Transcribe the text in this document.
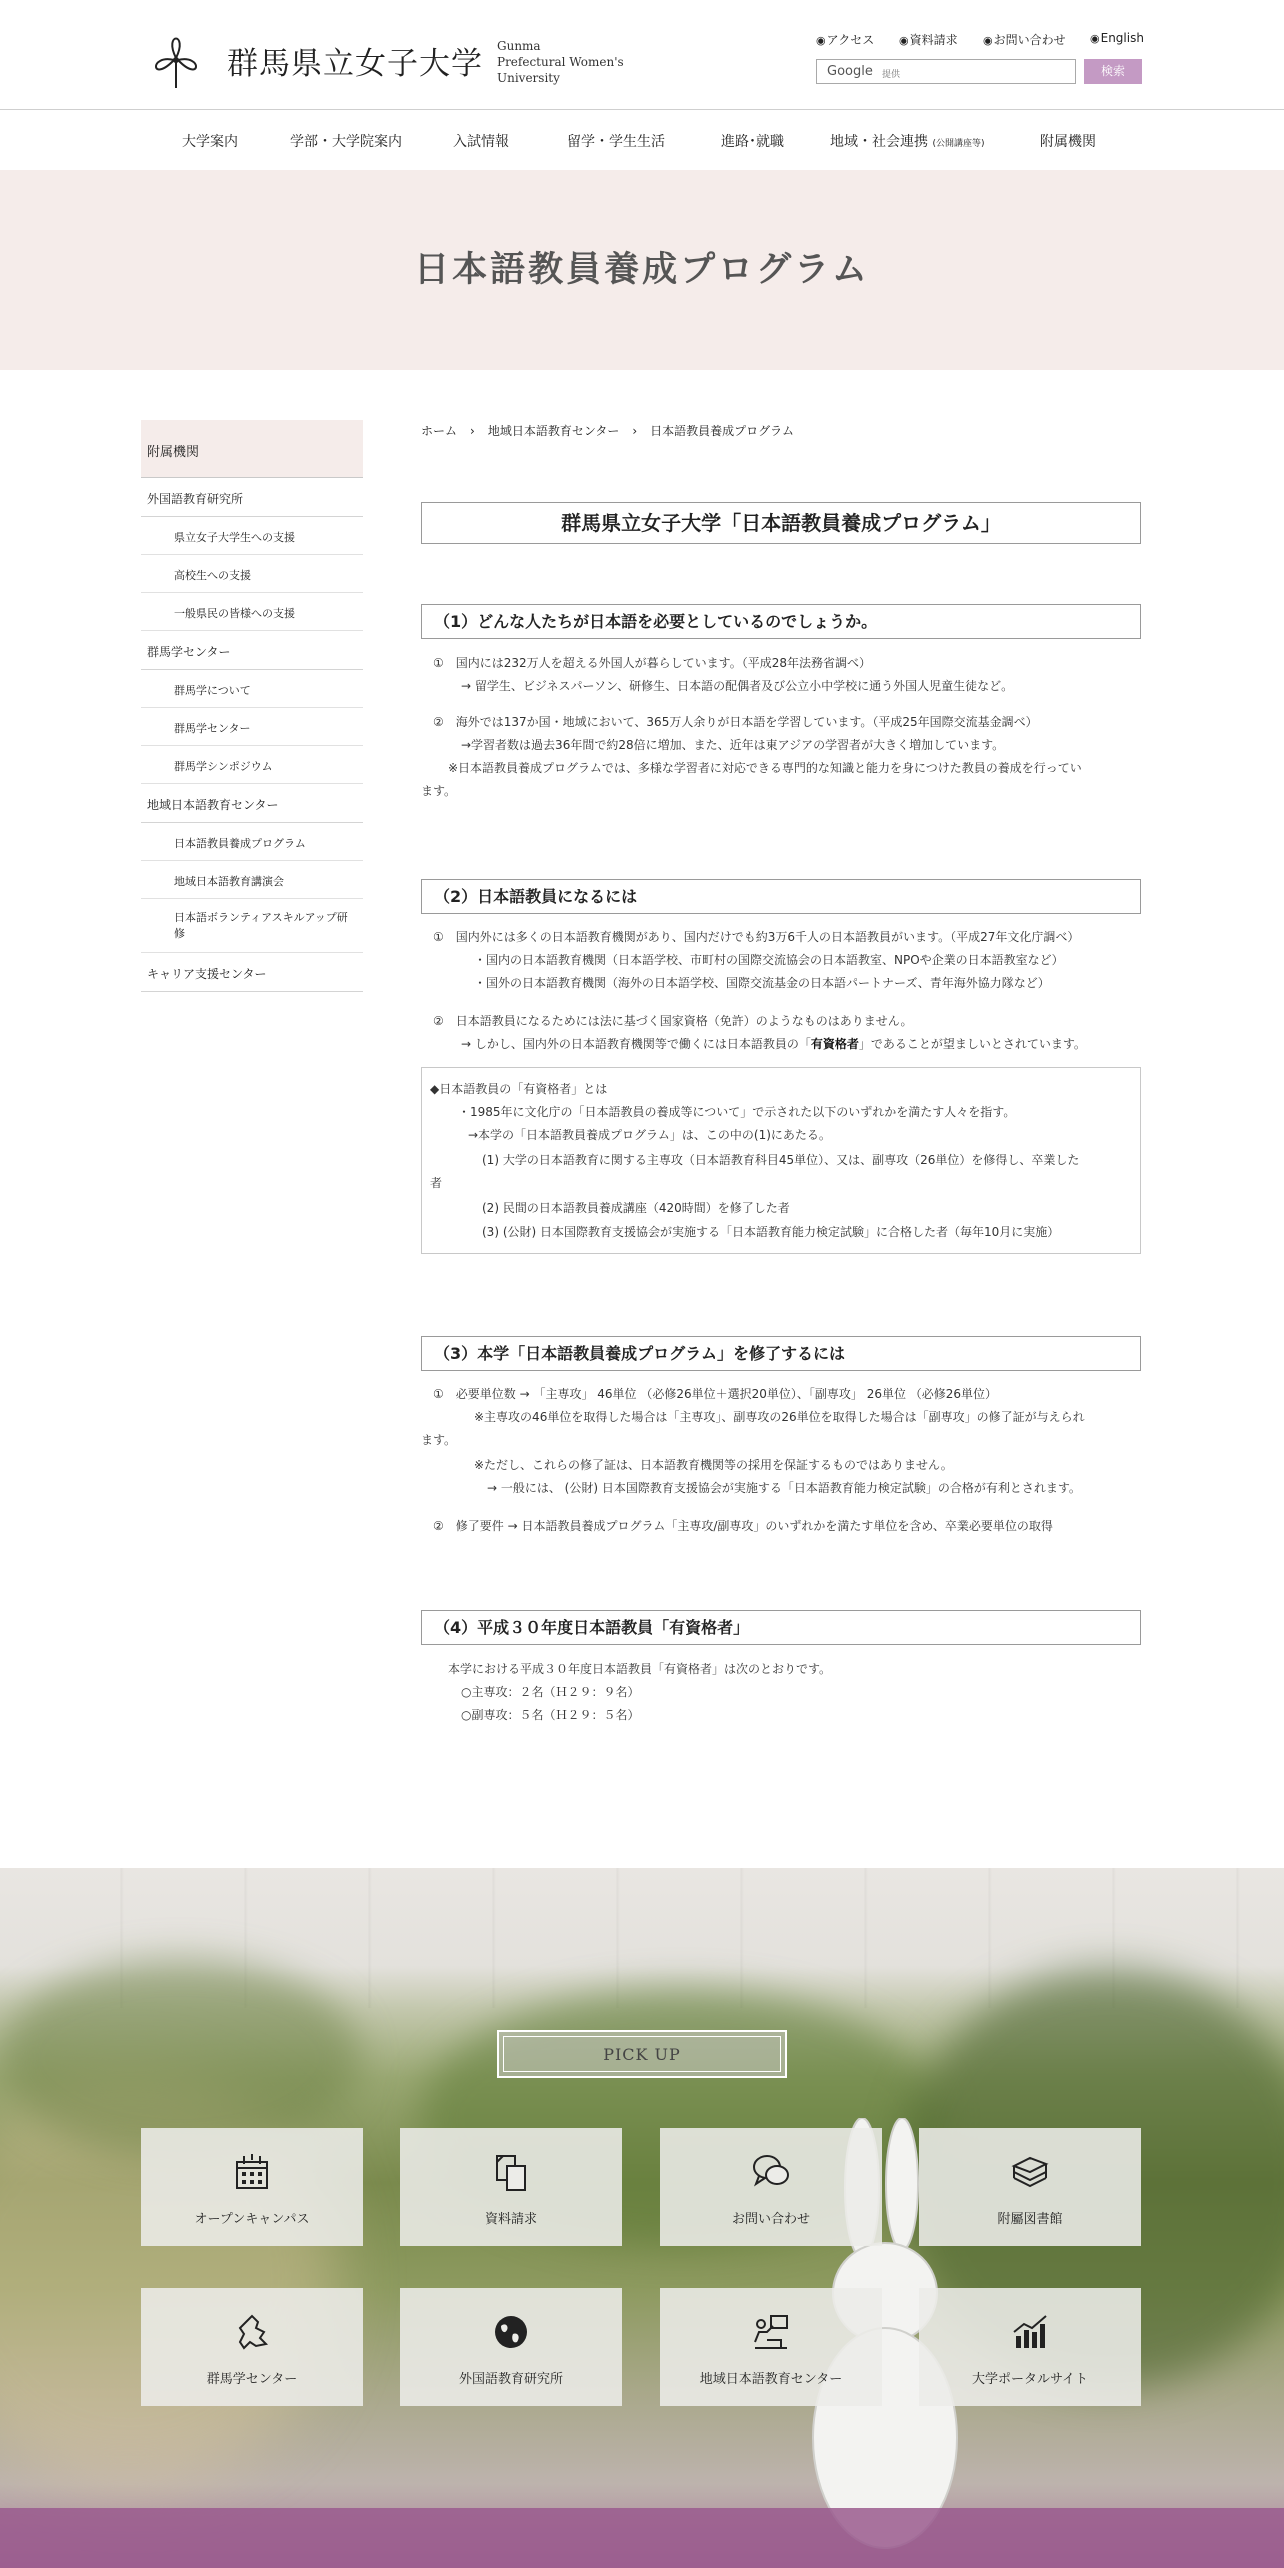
群馬県立女子大学 Gunma
Prefectural Women's
University
◉ アクセス	◉ 資料請求	◉ お問い合わせ	◉ English
Google 提供	検索
大学案内	学部・大学院案内	入試情報	留学・学生生活	進路･就職	地域・社会連携 (公開講座等)	附属機関
日本語教員養成プログラム
附属機関
外国語教育研究所
県立女子大学生への支援
高校生への支援
一般県民の皆様への支援
群馬学センター
群馬学について
群馬学センター
群馬学シンポジウム
地域日本語教育センター
日本語教員養成プログラム
地域日本語教育講演会
日本語ボランティアスキルアップ研修
キャリア支援センター
ホーム › 地域日本語教育センター › 日本語教員養成プログラム
群馬県立女子大学「日本語教員養成プログラム」
（1）どんな人たちが日本語を必要としているのでしょうか。
①　国内には232万人を超える外国人が暮らしています。（平成28年法務省調べ）
→ 留学生、ビジネスパーソン、研修生、日本語の配偶者及び公立小中学校に通う外国人児童生徒など。
②　海外では137か国・地域において、365万人余りが日本語を学習しています。（平成25年国際交流基金調べ）
→学習者数は過去36年間で約28倍に増加、また、近年は東アジアの学習者が大きく増加しています。
※日本語教員養成プログラムでは、多様な学習者に対応できる専門的な知識と能力を身につけた教員の養成を行ってい
ます。
（2）日本語教員になるには
①　国内外には多くの日本語教育機関があり、国内だけでも約3万6千人の日本語教員がいます。（平成27年文化庁調べ）
・国内の日本語教育機関（日本語学校、市町村の国際交流協会の日本語教室、NPOや企業の日本語教室など）
・国外の日本語教育機関（海外の日本語学校、国際交流基金の日本語パートナーズ、青年海外協力隊など）
②　日本語教員になるためには法に基づく国家資格（免許）のようなものはありません。
→ しかし、国内外の日本語教育機関等で働くには日本語教員の「有資格者」であることが望ましいとされています。
◆日本語教員の「有資格者」とは
・1985年に文化庁の「日本語教員の養成等について」で示された以下のいずれかを満たす人々を指す。
→本学の「日本語教員養成プログラム」は、この中の(1)にあたる。
(1) 大学の日本語教育に関する主専攻（日本語教育科目45単位）、又は、副専攻（26単位）を修得し、卒業した
者
(2) 民間の日本語教員養成講座（420時間）を修了した者
(3) (公財) 日本国際教育支援協会が実施する「日本語教育能力検定試験」に合格した者（毎年10月に実施）
（3）本学「日本語教員養成プログラム」を修了するには
①　必要単位数 → 「主専攻」 46単位 （必修26単位＋選択20単位）、「副専攻」 26単位 （必修26単位）
※主専攻の46単位を取得した場合は「主専攻」、副専攻の26単位を取得した場合は「副専攻」の修了証が与えられ
ます。
※ただし、これらの修了証は、日本語教育機関等の採用を保証するものではありません。
→ 一般には、 (公財) 日本国際教育支援協会が実施する「日本語教育能力検定試験」の合格が有利とされます。
②　修了要件 → 日本語教員養成プログラム「主専攻/副専攻」のいずれかを満たす単位を含め、卒業必要単位の取得
（4）平成３０年度日本語教員「有資格者」
本学における平成３０年度日本語教員「有資格者」は次のとおりです。
○主専攻：２名（Ｈ２９：９名）
○副専攻：５名（Ｈ２９：５名）
PICK UP
オープンキャンパス	資料請求	お問い合わせ	附屬図書館
群馬学センター	外国語教育研究所	地域日本語教育センター	大学ポータルサイト
